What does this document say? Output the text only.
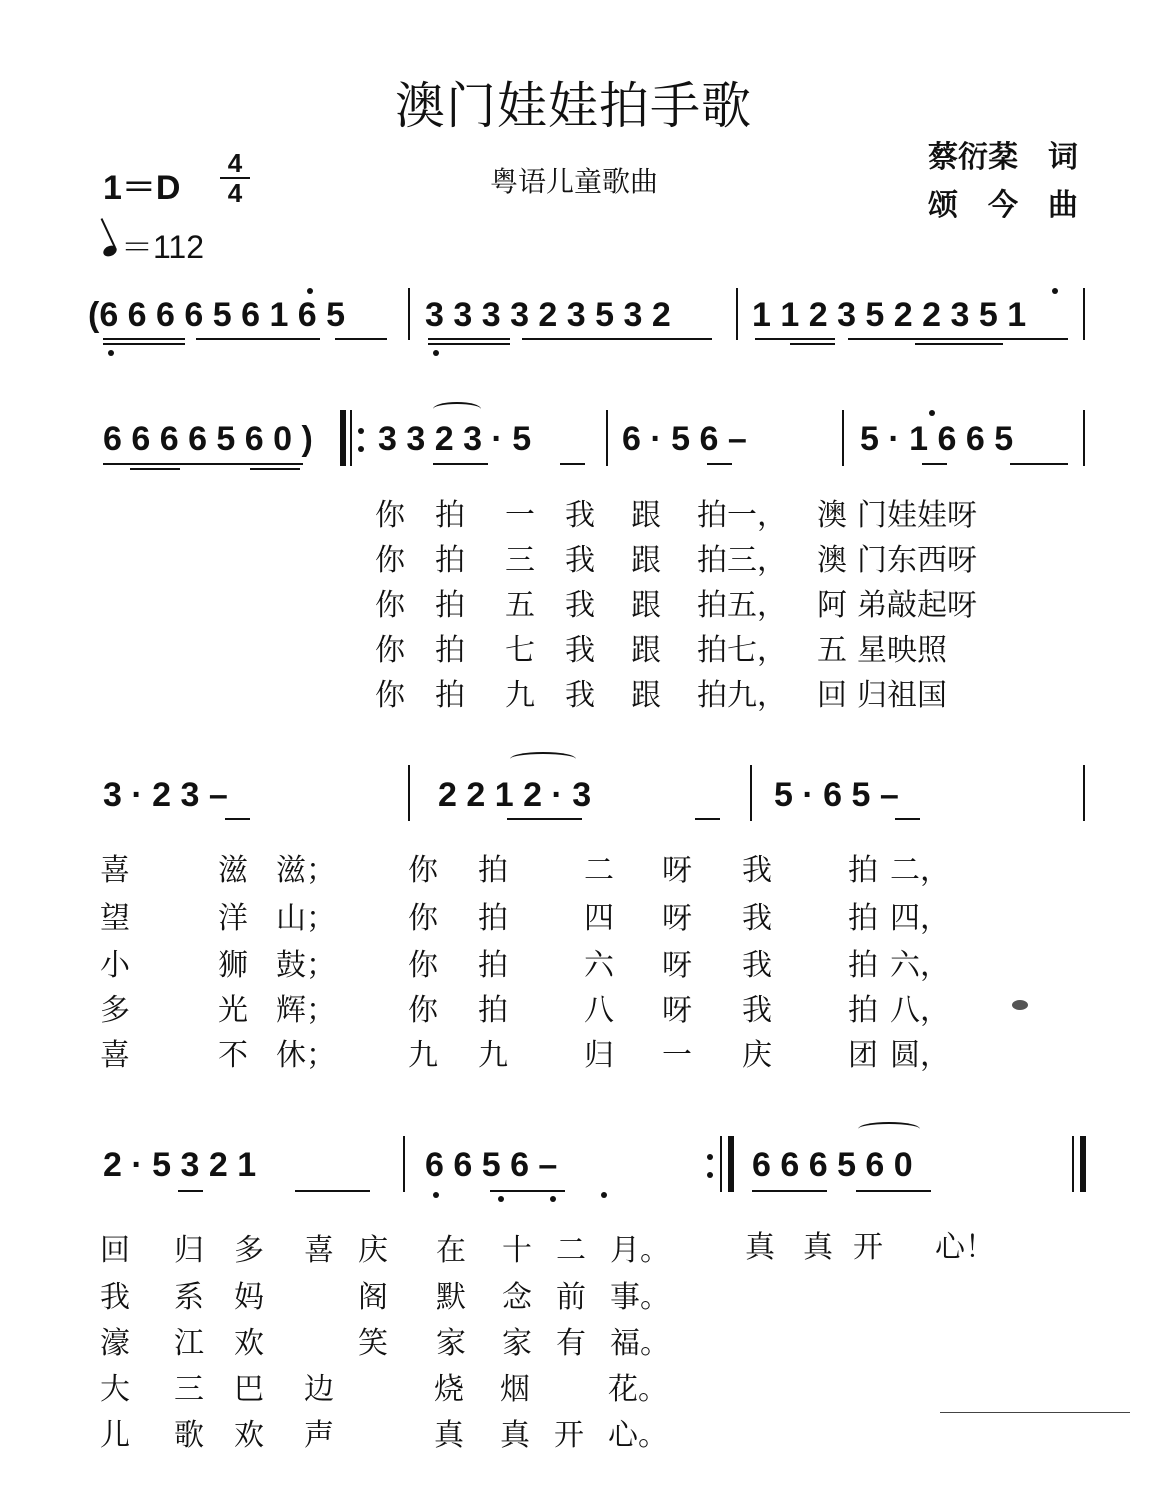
澳门娃娃拍手歌
1＝D
4
4
＝112
粤语儿童歌曲
蔡衍棻　词
颂　今　曲
(6 6 6 6 5 6 1 6 5 3 3 3 3 2 3 5 3 2 1 1 2 3 5 2 2 3 5 1
6 6 6 6 5 6 0 ) 3 3 2 3 · 5	6 · 5 6 –	5 · 1 6 6 5
你 拍 一 我 跟 拍一， 澳 门娃娃呀
你 拍 三 我 跟 拍三， 澳 门东西呀
你 拍 五 我 跟 拍五， 阿 弟敲起呀
你 拍 七 我 跟 拍七， 五 星映照
你 拍 九 我 跟 拍九， 回 归祖国
3 · 2 3 –	2 2 1 2 · 3	5 · 6 5 –
喜	滋 滋； 你 拍	二 呀 我	拍 二，
望	洋 山； 你 拍	四 呀 我	拍 四，
小	狮 鼓； 你 拍	六 呀 我	拍 六，
多	光 辉； 你 拍	八 呀 我	拍 八，
喜	不 休； 九 九	归 一 庆	团 圆，
2 · 5 3 2 1	6 6 5 6 –	6 6 6 5 6 0
回 归 多 喜 庆 在 十 二 月。
我 系 妈	阁 默 念 前 事。
濠 江 欢	笑 家 家 有 福。
大 三 巴 边	烧 烟	花。
儿 歌 欢 声	真 真 开 心。
真 真 开 心！
